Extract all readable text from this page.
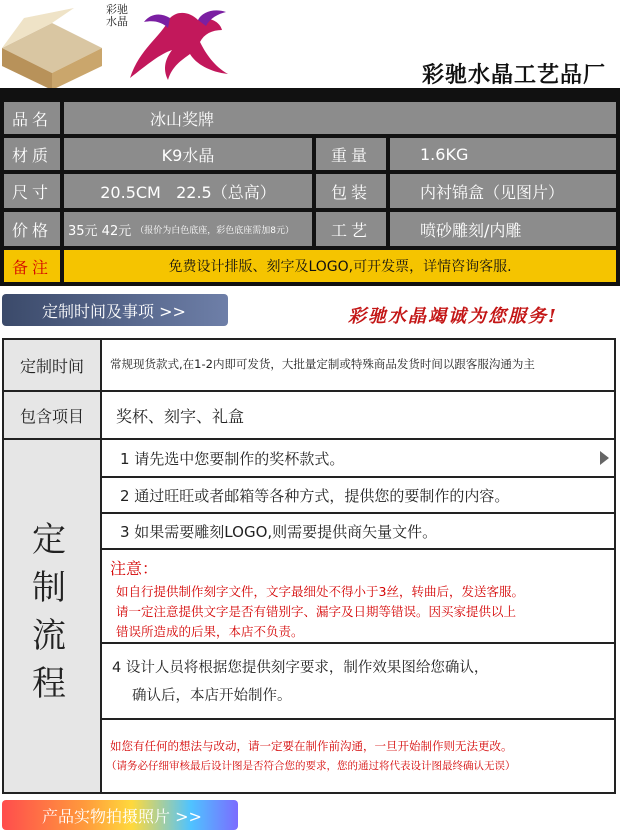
彩驰水晶
彩驰水晶工艺品厂
品名	冰山奖牌
材质	K9水晶	重量	1.6KG
尺寸	20.5CM   22.5（总高）	包装	内衬锦盒（见图片）
价格	35元 42元 （报价为白色底座，彩色底座需加8元）	工艺	喷砂雕刻/内雕
备注	免费设计排版、刻字及LOGO,可开发票，详情咨询客服.
定制时间及事项 >>	彩驰水晶竭诚为您服务!
定制时间 常规现货款式,在1-2内即可发货，大批量定制或特殊商品发货时间以跟客服沟通为主
包含项目 奖杯、刻字、礼盒
定
制
流
程
1 请先选中您要制作的奖杯款式。
2 通过旺旺或者邮箱等各种方式，提供您的要制作的内容。
3 如果需要雕刻LOGO,则需要提供商矢量文件。
注意：
如自行提供制作刻字文件，文字最细处不得小于3丝，转曲后，发送客服。
请一定注意提供文字是否有错别字、漏字及日期等错误。因买家提供以上
错误所造成的后果，本店不负责。
4 设计人员将根据您提供刻字要求，制作效果图给您确认，
确认后，本店开始制作。
如您有任何的想法与改动，请一定要在制作前沟通，一旦开始制作则无法更改。
（请务必仔细审核最后设计图是否符合您的要求，您的通过将代表设计图最终确认无误）
产品实物拍摄照片 >>
